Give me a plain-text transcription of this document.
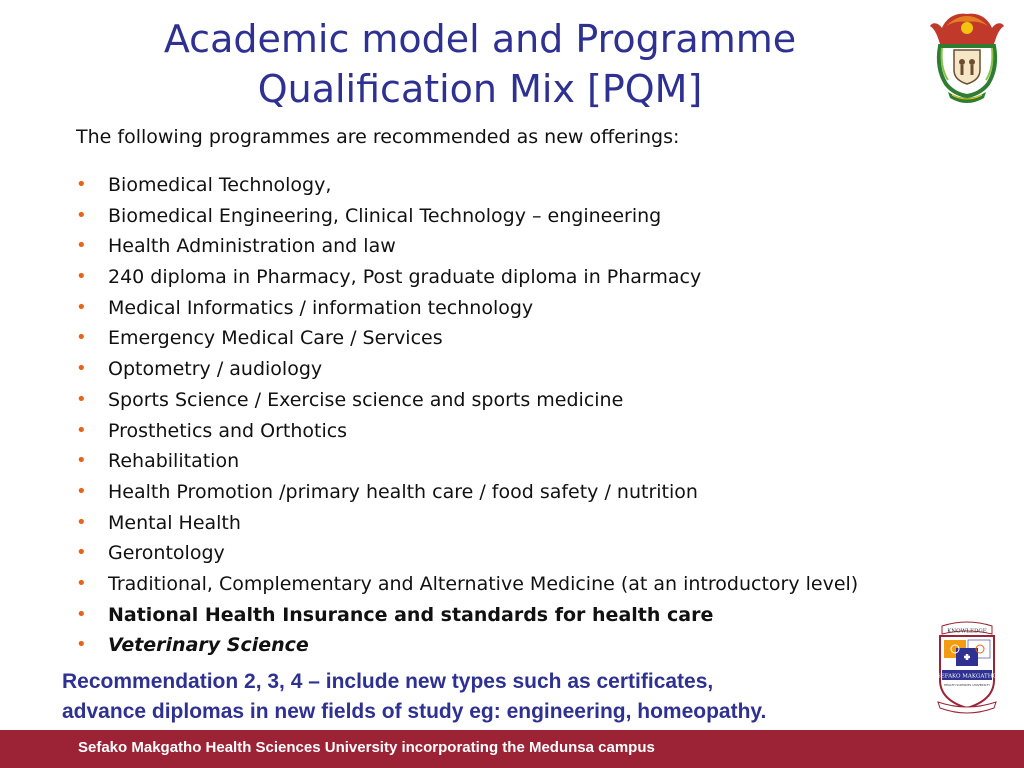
Academic model and Programme
Qualification Mix [PQM]

The following programmes are recommended as new offerings:

• Biomedical Technology,
• Biomedical Engineering, Clinical Technology – engineering
• Health Administration and law
• 240 diploma in Pharmacy, Post graduate diploma in Pharmacy
• Medical Informatics / information technology
• Emergency Medical Care / Services
• Optometry / audiology
• Sports Science / Exercise science and sports medicine
• Prosthetics and Orthotics
• Rehabilitation
• Health Promotion /primary health care / food safety / nutrition
• Mental Health
• Gerontology
• Traditional, Complementary and Alternative Medicine (at an introductory level)
• National Health Insurance and standards for health care
• Veterinary Science

Recommendation 2, 3, 4 – include new types such as certificates,
advance diplomas in new fields of study eg: engineering, homeopathy.

KNOWLEDGE
SEFAKO MAKGATHO
HEALTH SCIENCES UNIVERSITY
Sefako Makgatho Health Sciences University incorporating the Medunsa campus
